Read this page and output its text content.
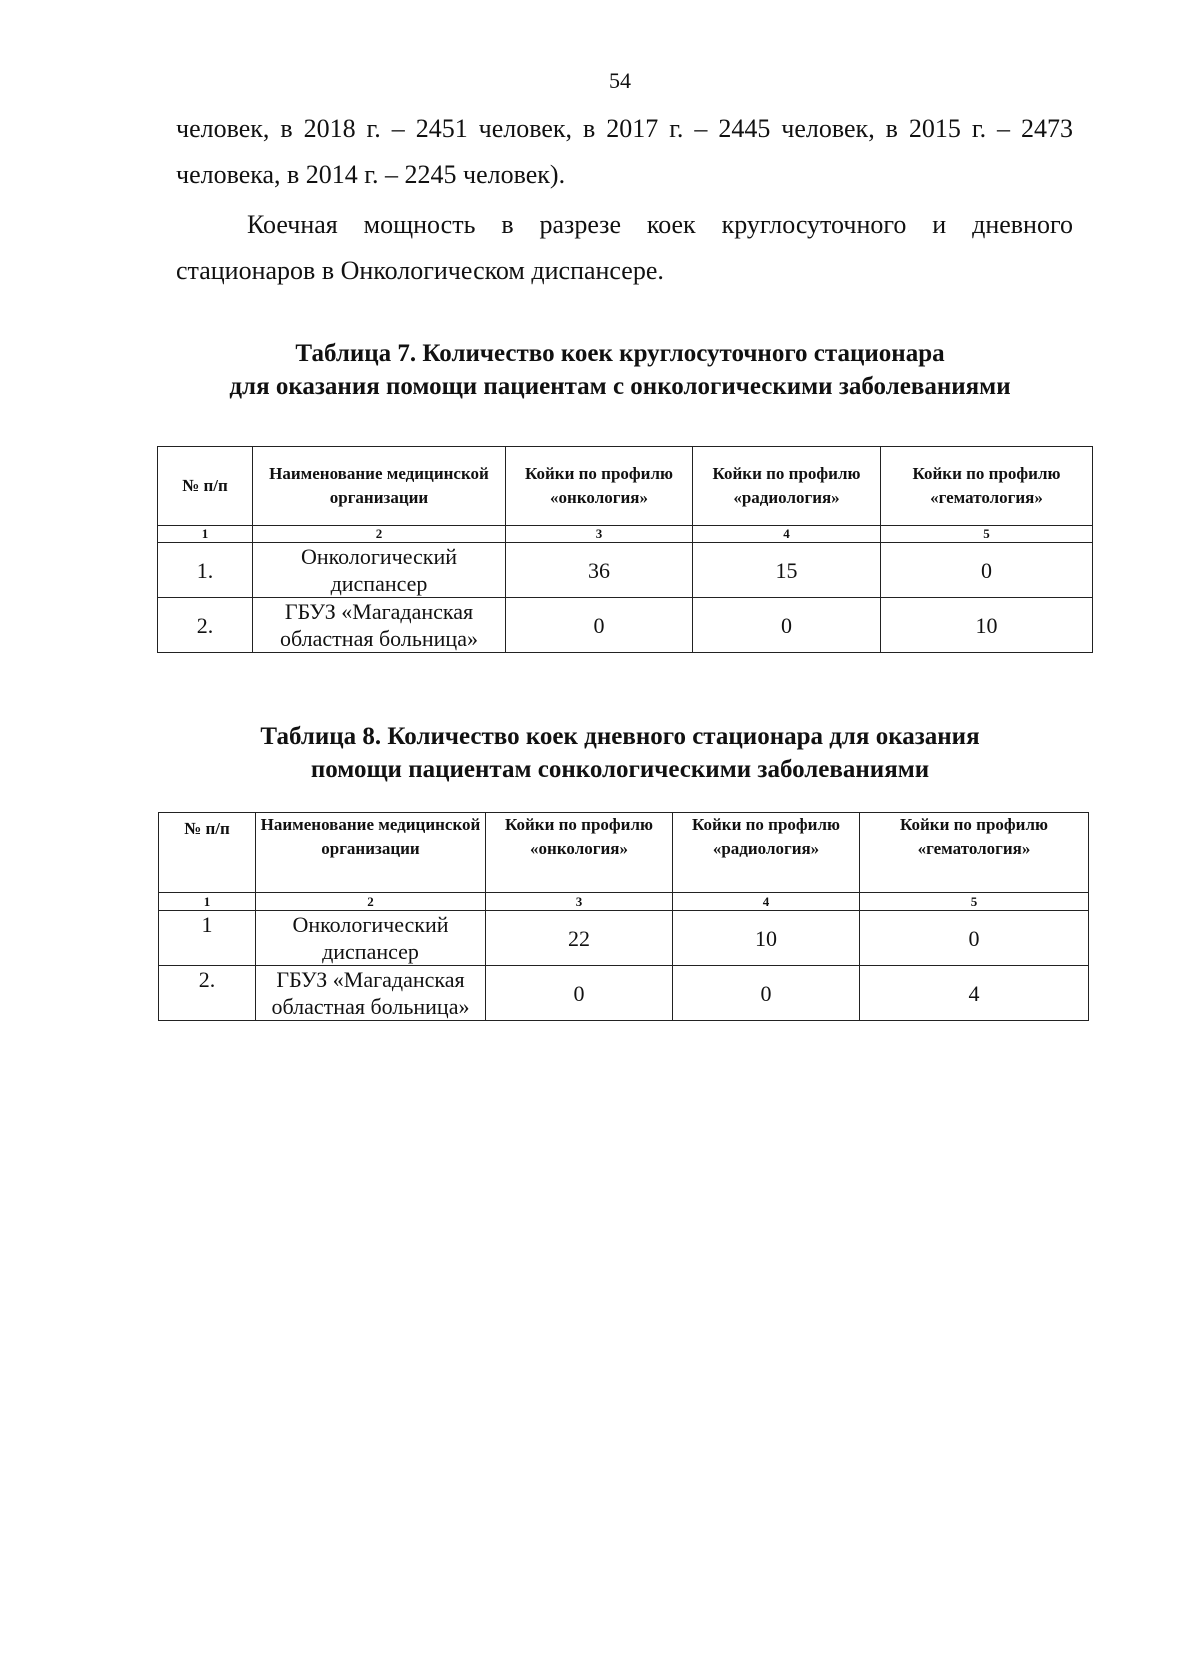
54
человек, в 2018 г. – 2451 человек, в 2017 г. – 2445 человек, в 2015 г. – 2473 человека, в 2014 г. – 2245 человек).
Коечная мощность в разрезе коек круглосуточного и дневного стационаров в Онкологическом диспансере.
Таблица 7. Количество коек круглосуточного стационара
для оказания помощи пациентам с онкологическими заболеваниями
№ п/п	Наименование медицинской организации	Койки по профилю «онкология»	Койки по профилю «радиология»	Койки по профилю «гематология»
1	2	3	4	5
1.	Онкологический диспансер	36	15	0
2.	ГБУЗ «Магаданская областная больница»	0	0	10
Таблица 8. Количество коек дневного стационара для оказания
помощи пациентам сонкологическими заболеваниями
№ п/п	Наименование медицинской организации	Койки по профилю «онкология»	Койки по профилю «радиология»	Койки по профилю «гематология»
1	2	3	4	5
1	Онкологический диспансер	22	10	0
2.	ГБУЗ «Магаданская областная больница»	0	0	4
